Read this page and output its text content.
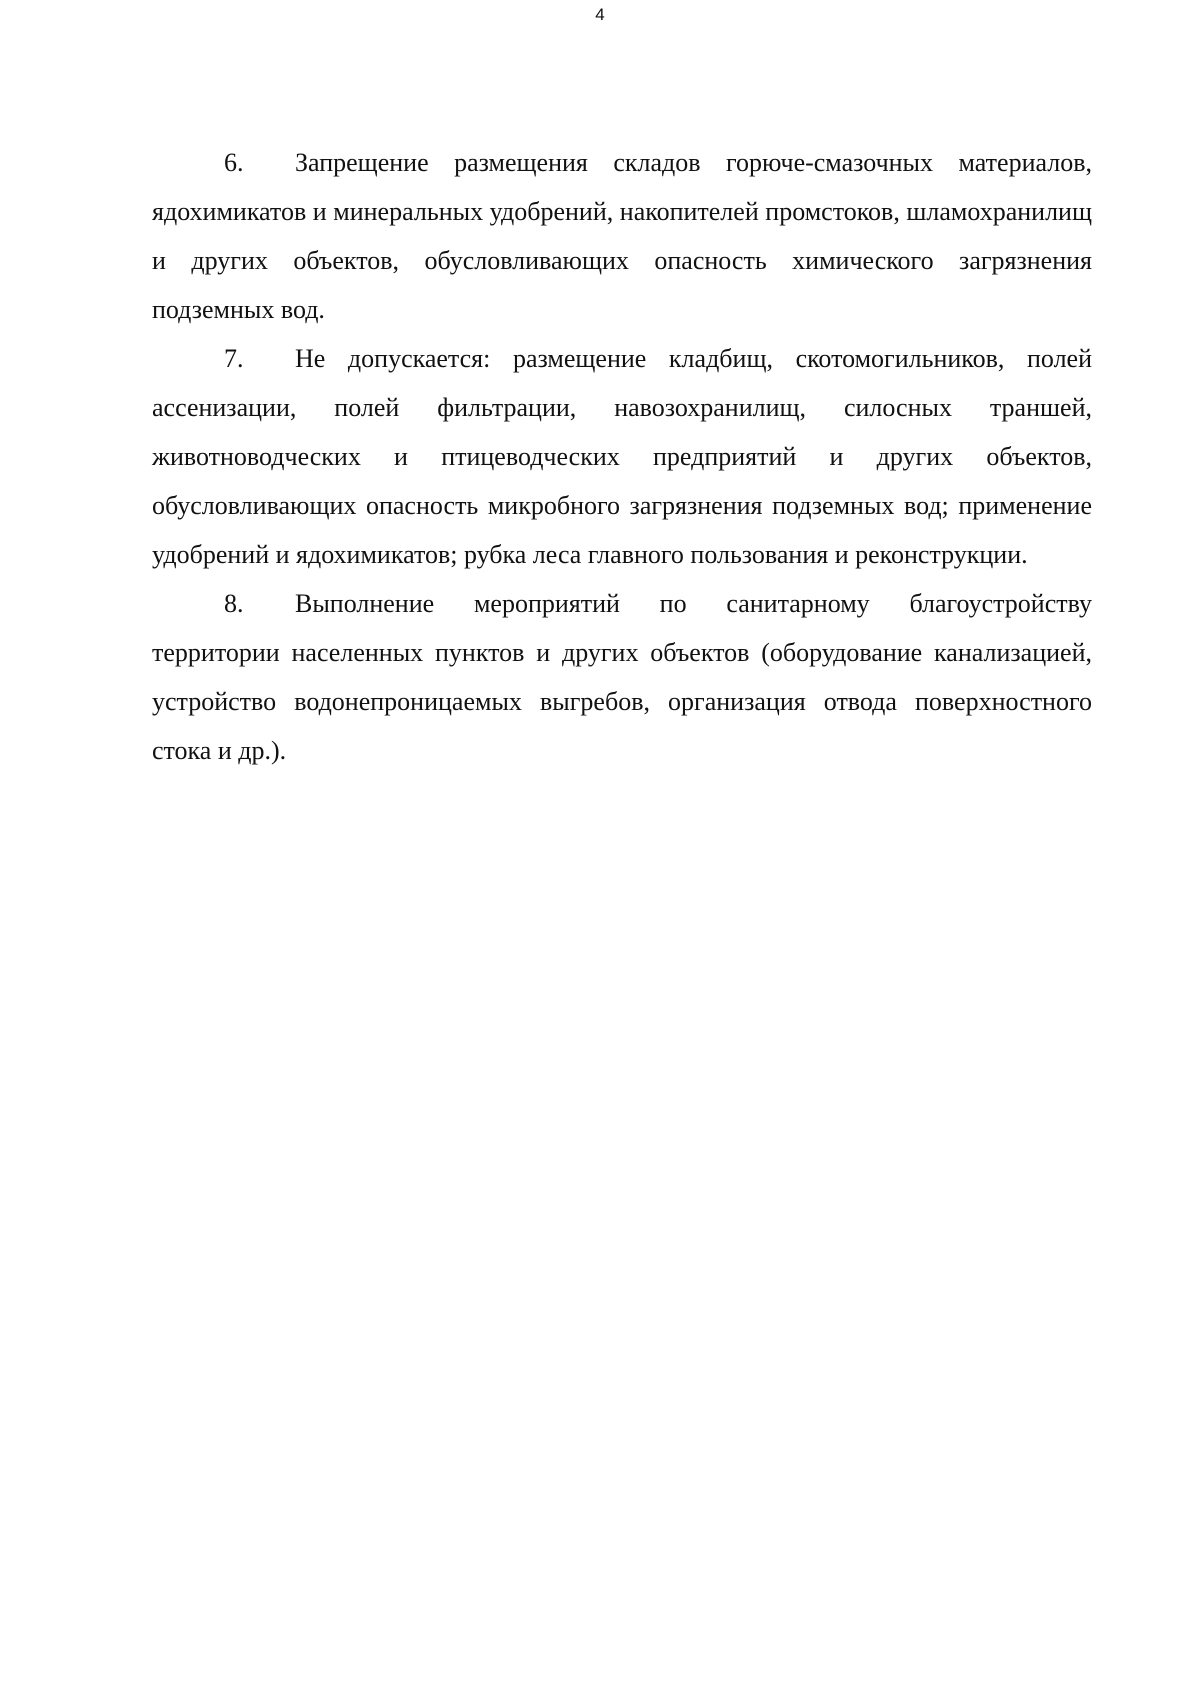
4

6. Запрещение размещения складов горюче-смазочных материалов, ядохимикатов и минеральных удобрений, накопителей промстоков, шламохранилищ и других объектов, обусловливающих опасность химического загрязнения подземных вод.

7. Не допускается: размещение кладбищ, скотомогильников, полей ассенизации, полей фильтрации, навозохранилищ, силосных траншей, животноводческих и птицеводческих предприятий и других объектов, обусловливающих опасность микробного загрязнения подземных вод; применение удобрений и ядохимикатов; рубка леса главного пользования и реконструкции.

8. Выполнение мероприятий по санитарному благоустройству территории населенных пунктов и других объектов (оборудование канализацией, устройство водонепроницаемых выгребов, организация отвода поверхностного стока и др.).
